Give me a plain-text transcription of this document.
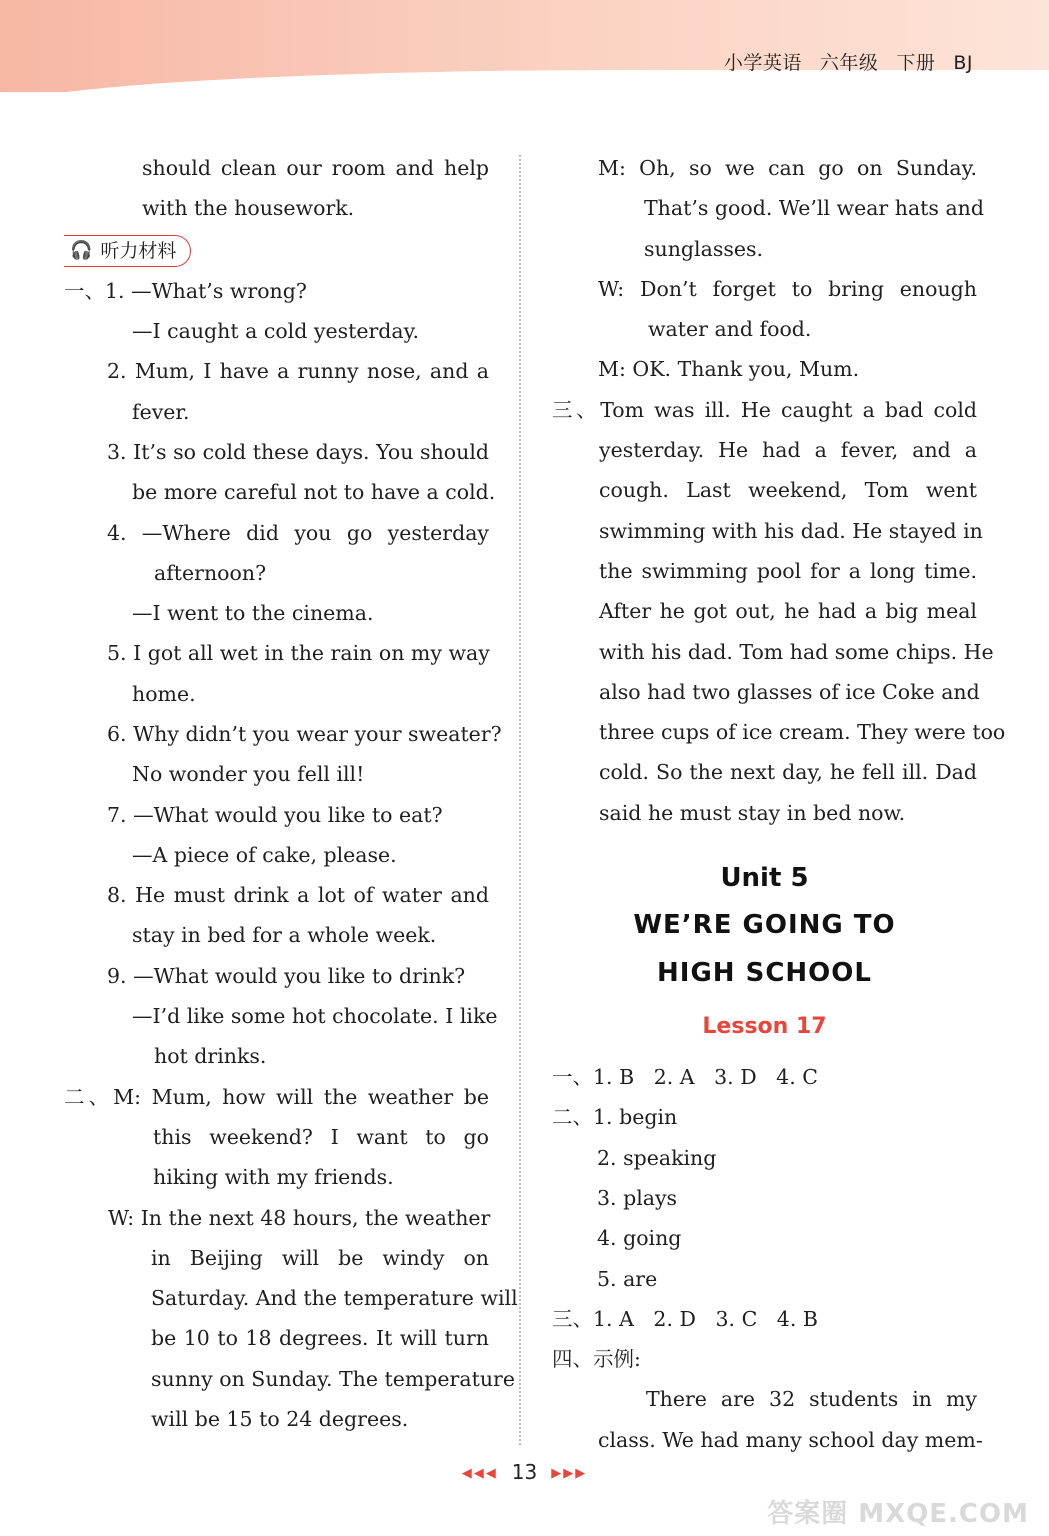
小学英语 六年级 下册 BJ
should clean our room and help
with the housework.
🎧 听力材料
一、1. —What’s wrong?
—I caught a cold yesterday.
2. Mum, I have a runny nose, and a
fever.
3. It’s so cold these days. You should
be more careful not to have a cold.
4. —Where did you go yesterday
afternoon?
—I went to the cinema.
5. I got all wet in the rain on my way
home.
6. Why didn’t you wear your sweater?
No wonder you fell ill!
7. —What would you like to eat?
—A piece of cake, please.
8. He must drink a lot of water and
stay in bed for a whole week.
9. —What would you like to drink?
—I’d like some hot chocolate. I like
hot drinks.
二、M: Mum, how will the weather be
this weekend? I want to go
hiking with my friends.
W: In the next 48 hours, the weather
in Beijing will be windy on
Saturday. And the temperature will
be 10 to 18 degrees. It will turn
sunny on Sunday. The temperature
will be 15 to 24 degrees.
M: Oh, so we can go on Sunday.
That’s good. We’ll wear hats and
sunglasses.
W: Don’t forget to bring enough
water and food.
M: OK. Thank you, Mum.
三、Tom was ill. He caught a bad cold
yesterday. He had a fever, and a
cough. Last weekend, Tom went
swimming with his dad. He stayed in
the swimming pool for a long time.
After he got out, he had a big meal
with his dad. Tom had some chips. He
also had two glasses of ice Coke and
three cups of ice cream. They were too
cold. So the next day, he fell ill. Dad
said he must stay in bed now.
Unit 5
WE’RE GOING TO
HIGH SCHOOL
Lesson 17
一、1. B   2. A   3. D   4. C
二、1. begin
2. speaking
3. plays
4. going
5. are
三、1. A   2. D   3. C   4. B
四、示例:
There are 32 students in my
class. We had many school day mem-
◀◀◀ 13 ▶▶▶
答案圈 MXQE.COM
